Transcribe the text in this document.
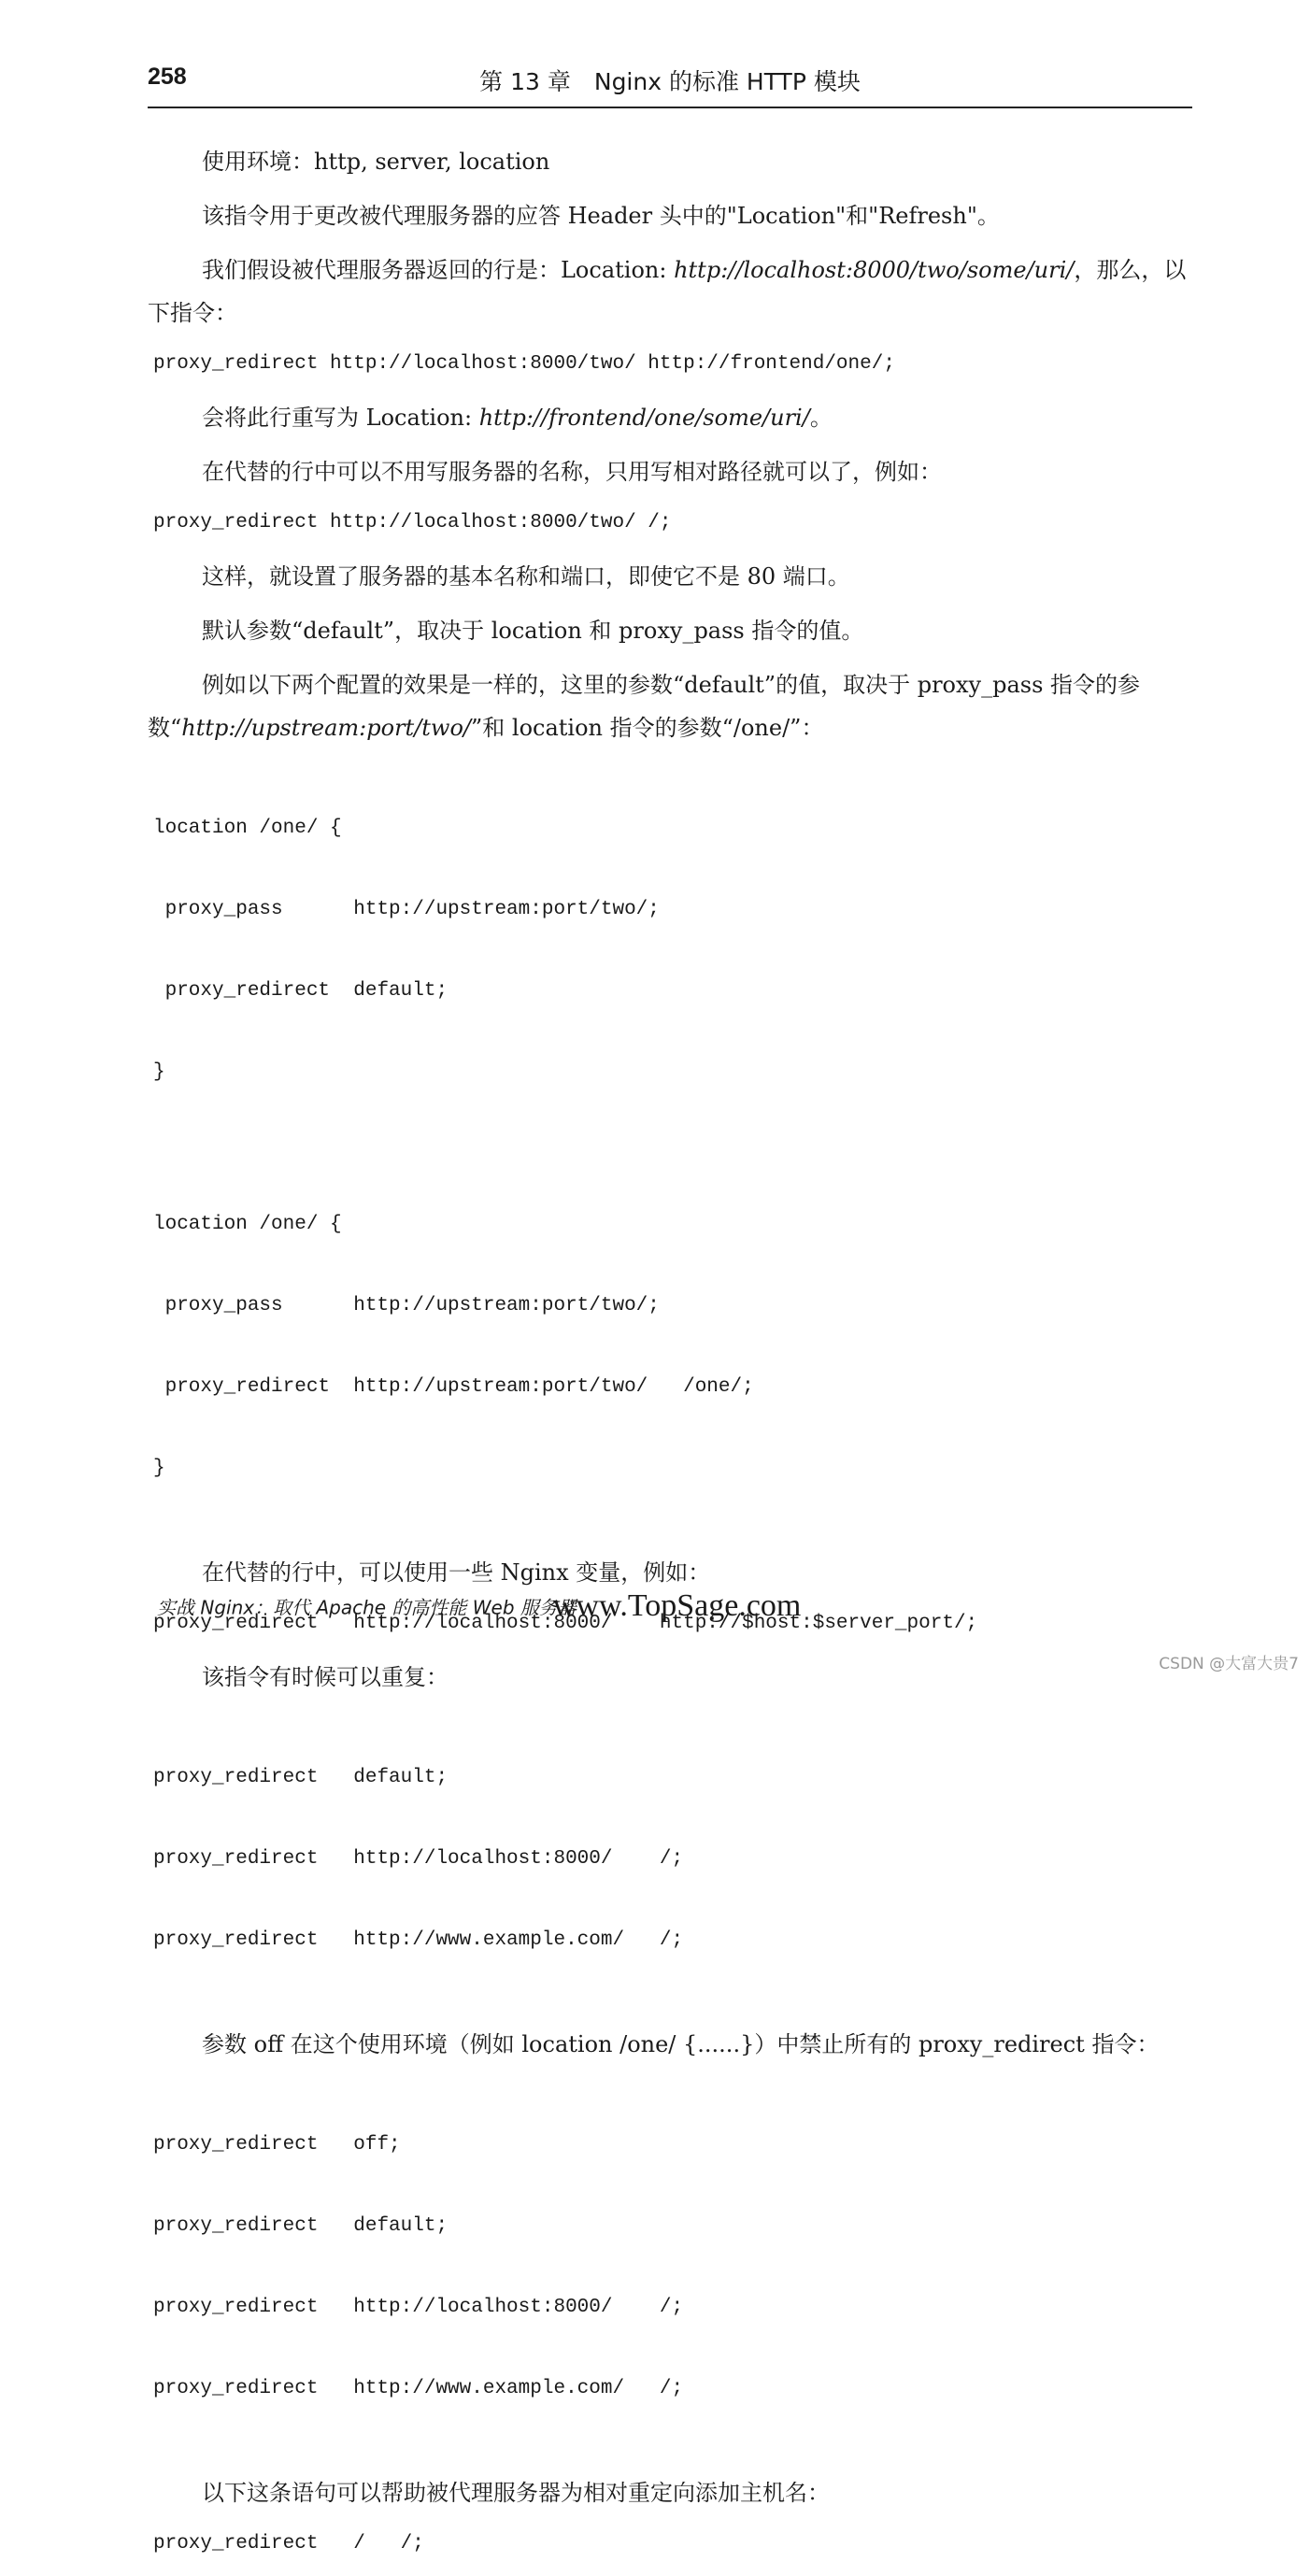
258	第 13 章　Nginx 的标准 HTTP 模块

使用环境：http, server, location

该指令用于更改被代理服务器的应答 Header 头中的"Location"和"Refresh"。

我们假设被代理服务器返回的行是：Location: http://localhost:8000/two/some/uri/，那么，以下指令：

proxy_redirect http://localhost:8000/two/ http://frontend/one/;

会将此行重写为 Location: http://frontend/one/some/uri/。

在代替的行中可以不用写服务器的名称，只用写相对路径就可以了，例如：

proxy_redirect http://localhost:8000/two/ /;

这样，就设置了服务器的基本名称和端口，即使它不是 80 端口。

默认参数“default”，取决于 location 和 proxy_pass 指令的值。

例如以下两个配置的效果是一样的，这里的参数“default”的值，取决于 proxy_pass 指令的参数“http://upstream:port/two/”和 location 指令的参数“/one/”：

location /one/ {

proxy_pass      http://upstream:port/two/;

proxy_redirect  default;

}

location /one/ {

proxy_pass      http://upstream:port/two/;

proxy_redirect  http://upstream:port/two/   /one/;

}

在代替的行中，可以使用一些 Nginx 变量，例如：

proxy_redirect   http://localhost:8000/    http://$host:$server_port/;

该指令有时候可以重复：

proxy_redirect   default;

proxy_redirect   http://localhost:8000/    /;

proxy_redirect   http://www.example.com/   /;

参数 off 在这个使用环境（例如 location /one/ {......}）中禁止所有的 proxy_redirect 指令：

proxy_redirect   off;

proxy_redirect   default;

proxy_redirect   http://localhost:8000/    /;

proxy_redirect   http://www.example.com/   /;

以下这条语句可以帮助被代理服务器为相对重定向添加主机名：

proxy_redirect   /   /;
实战 Nginx：取代 Apache 的高性能 Web 服务器 www.TopSage.com
CSDN @大富大贵7
